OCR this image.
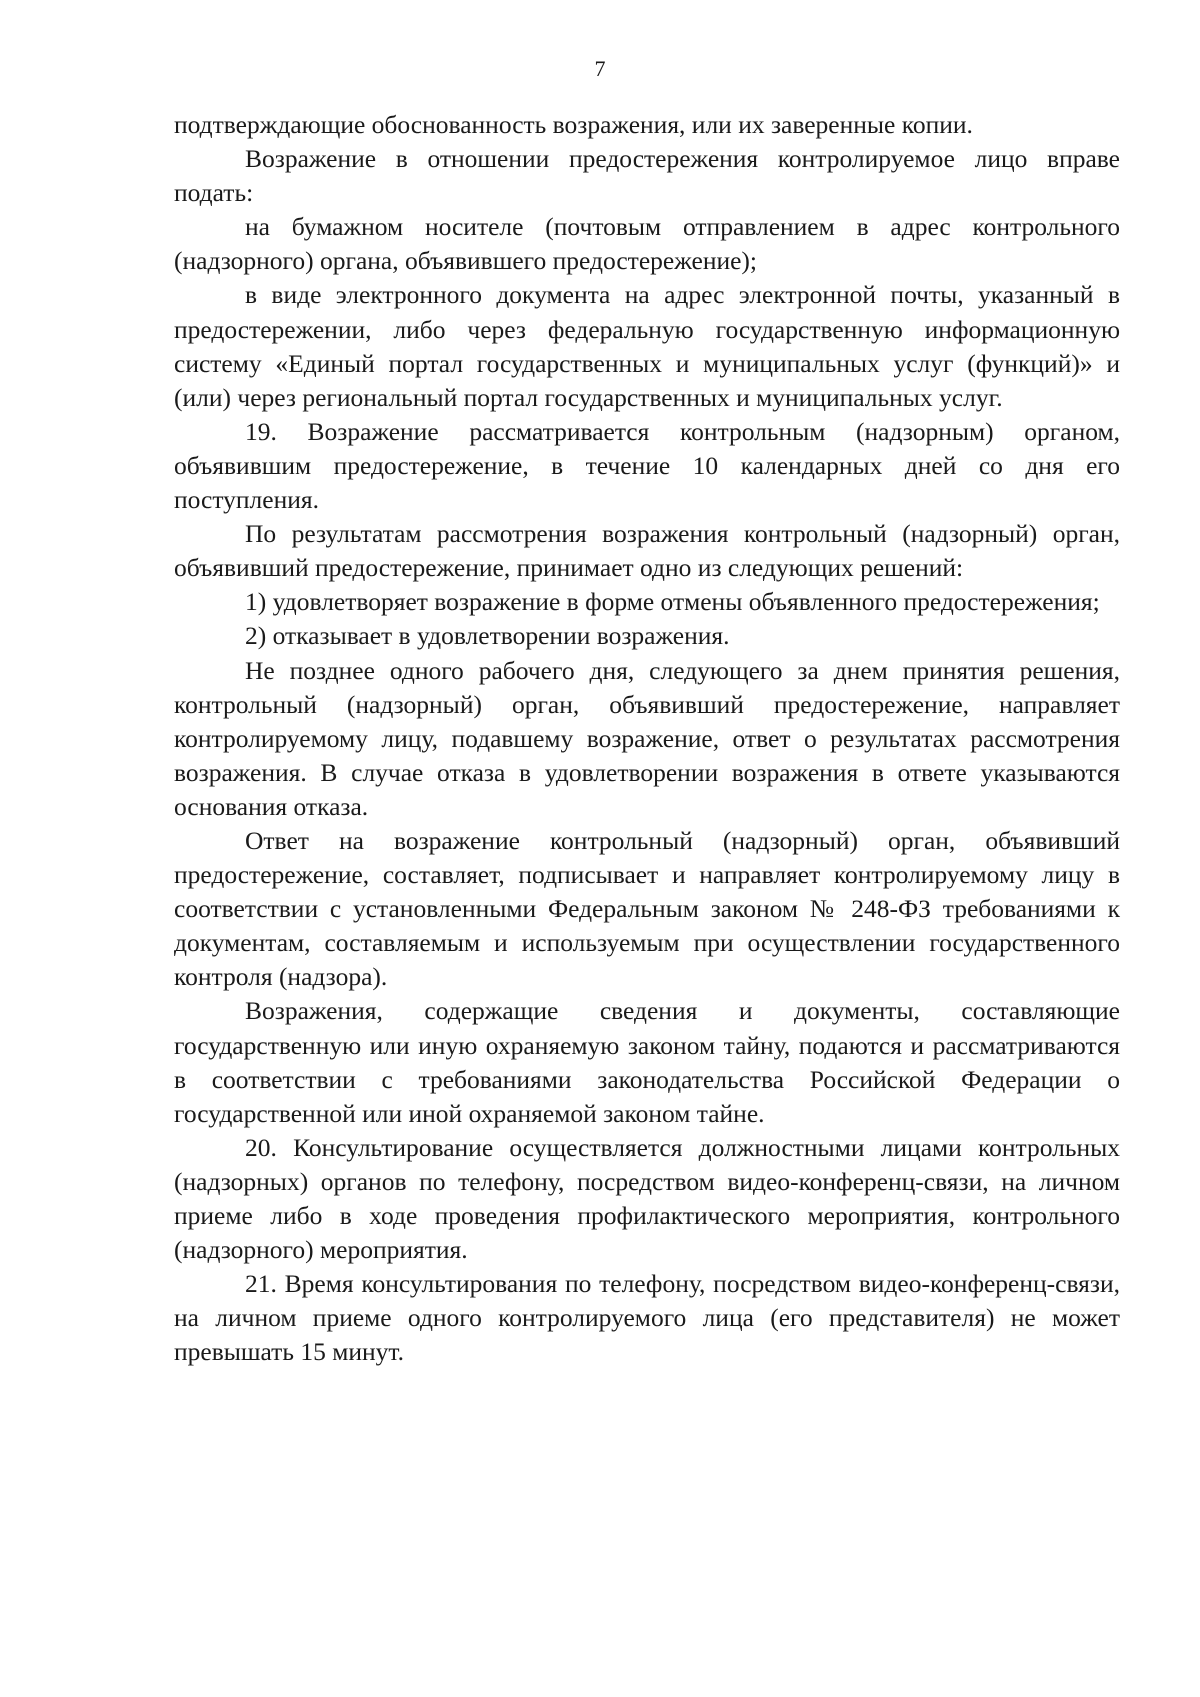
7

подтверждающие обоснованность возражения, или их заверенные копии.

Возражение в отношении предостережения контролируемое лицо вправе подать:

на бумажном носителе (почтовым отправлением в адрес контрольного (надзорного) органа, объявившего предостережение);

в виде электронного документа на адрес электронной почты, указанный в предостережении, либо через федеральную государственную информационную систему «Единый портал государственных и муниципальных услуг (функций)» и (или) через региональный портал государственных и муниципальных услуг.

19. Возражение рассматривается контрольным (надзорным) органом, объявившим предостережение, в течение 10 календарных дней со дня его поступления.

По результатам рассмотрения возражения контрольный (надзорный) орган, объявивший предостережение, принимает одно из следующих решений:

1) удовлетворяет возражение в форме отмены объявленного предостережения;

2) отказывает в удовлетворении возражения.

Не позднее одного рабочего дня, следующего за днем принятия решения, контрольный (надзорный) орган, объявивший предостережение, направляет контролируемому лицу, подавшему возражение, ответ о результатах рассмотрения возражения. В случае отказа в удовлетворении возражения в ответе указываются основания отказа.

Ответ на возражение контрольный (надзорный) орган, объявивший предостережение, составляет, подписывает и направляет контролируемому лицу в соответствии с установленными Федеральным законом № 248-ФЗ требованиями к документам, составляемым и используемым при осуществлении государственного контроля (надзора).

Возражения, содержащие сведения и документы, составляющие государственную или иную охраняемую законом тайну, подаются и рассматриваются в соответствии с требованиями законодательства Российской Федерации о государственной или иной охраняемой законом тайне.

20. Консультирование осуществляется должностными лицами контрольных (надзорных) органов по телефону, посредством видео-конференц-связи, на личном приеме либо в ходе проведения профилактического мероприятия, контрольного (надзорного) мероприятия.

21. Время консультирования по телефону, посредством видео-конференц-связи, на личном приеме одного контролируемого лица (его представителя) не может превышать 15 минут.
